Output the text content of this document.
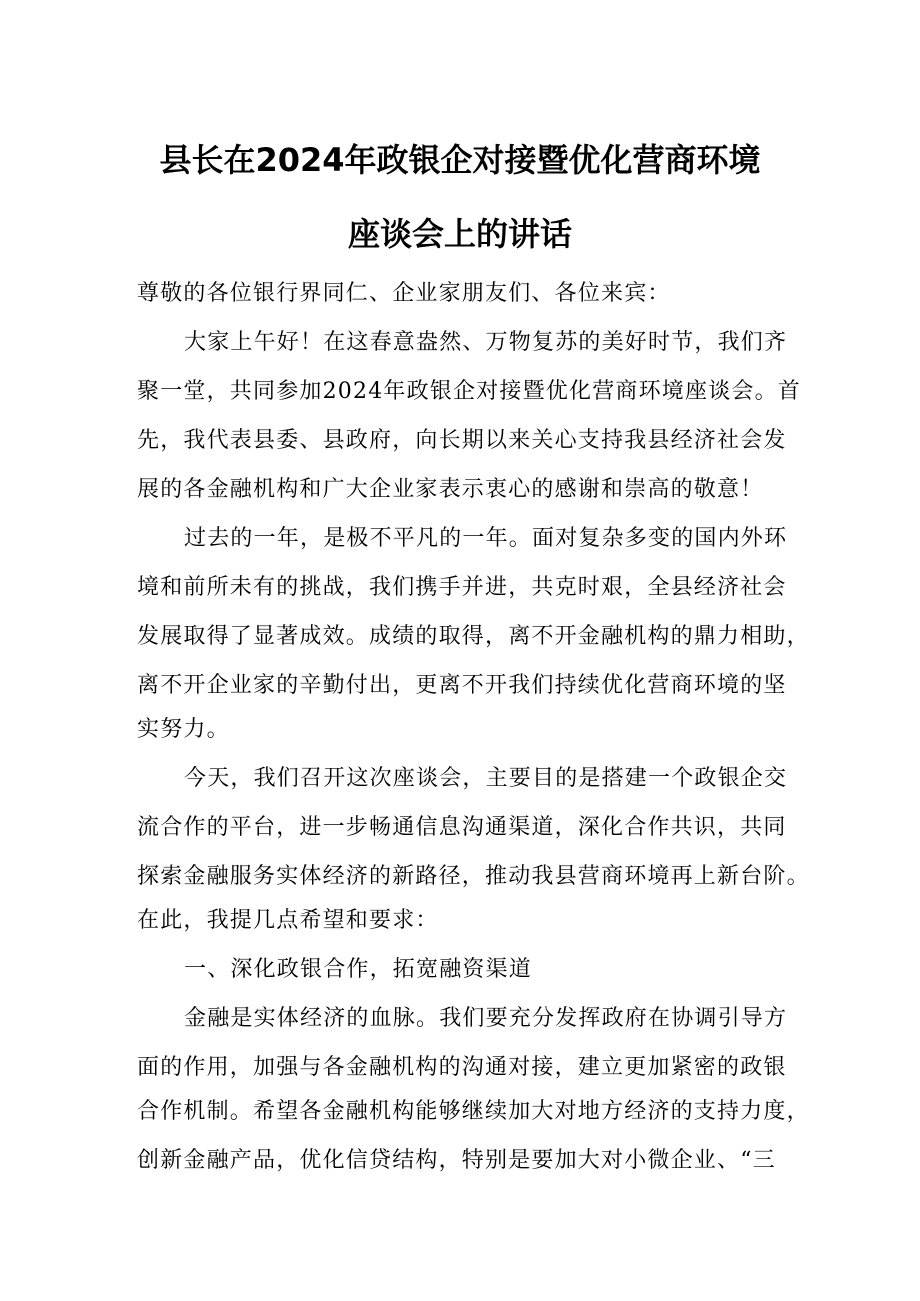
县长在2024年政银企对接暨优化营商环境
座谈会上的讲话
尊敬的各位银行界同仁、企业家朋友们、各位来宾：
大家上午好！在这春意盎然、万物复苏的美好时节，我们齐
聚一堂，共同参加2024年政银企对接暨优化营商环境座谈会。首
先，我代表县委、县政府，向长期以来关心支持我县经济社会发
展的各金融机构和广大企业家表示衷心的感谢和崇高的敬意！
过去的一年，是极不平凡的一年。面对复杂多变的国内外环
境和前所未有的挑战，我们携手并进，共克时艰，全县经济社会
发展取得了显著成效。成绩的取得，离不开金融机构的鼎力相助，
离不开企业家的辛勤付出，更离不开我们持续优化营商环境的坚
实努力。
今天，我们召开这次座谈会，主要目的是搭建一个政银企交
流合作的平台，进一步畅通信息沟通渠道，深化合作共识，共同
探索金融服务实体经济的新路径，推动我县营商环境再上新台阶。
在此，我提几点希望和要求：
一、深化政银合作，拓宽融资渠道
金融是实体经济的血脉。我们要充分发挥政府在协调引导方
面的作用，加强与各金融机构的沟通对接，建立更加紧密的政银
合作机制。希望各金融机构能够继续加大对地方经济的支持力度，
创新金融产品，优化信贷结构，特别是要加大对小微企业、“三
